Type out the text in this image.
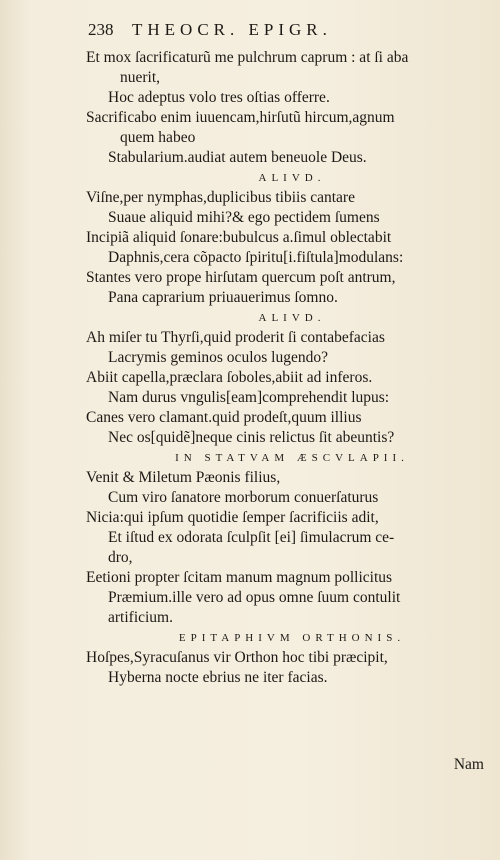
238 THEOCR. EPIGR.
Et mox ſacrificaturũ me pulchrum caprum : at ſi aba
nuerit,
Hoc adeptus volo tres oſtias offerre.
Sacrificabo enim iuuencam,hirſutũ hircum,agnum
quem habeo
Stabularium.audiat autem beneuole Deus.
ALIVD.
Viſne,per nymphas,duplicibus tibiis cantare
Suaue aliquid mihi?& ego pectidem ſumens
Incipiã aliquid ſonare:bubulcus a.ſimul oblectabit
Daphnis,cera cõpacto ſpiritu[i.fiſtula]modulans:
Stantes vero prope hirſutam quercum poſt antrum,
Pana caprarium priuauerimus ſomno.
ALIVD.
Ah miſer tu Thyrſi,quid proderit ſi contabefacias
Lacrymis geminos oculos lugendo?
Abiit capella,præclara ſoboles,abiit ad inferos.
Nam durus vngulis[eam]comprehendit lupus:
Canes vero clamant.quid prodeſt,quum illius
Nec os[quidẽ]neque cinis relictus ſit abeuntis?
IN STATVAM ÆSCVLAPII.
Venit & Miletum Pæonis filius,
Cum viro ſanatore morborum conuerſaturus
Nicia:qui ipſum quotidie ſemper ſacrificiis adit,
Et iſtud ex odorata ſculpſit [ei] ſimulacrum ce-
dro,
Eetioni propter ſcitam manum magnum pollicitus
Præmium.ille vero ad opus omne ſuum contulit
artificium.
EPITAPHIVM ORTHONIS.
Hoſpes,Syracuſanus vir Orthon hoc tibi præcipit,
Hyberna nocte ebrius ne iter facias.
Nam
